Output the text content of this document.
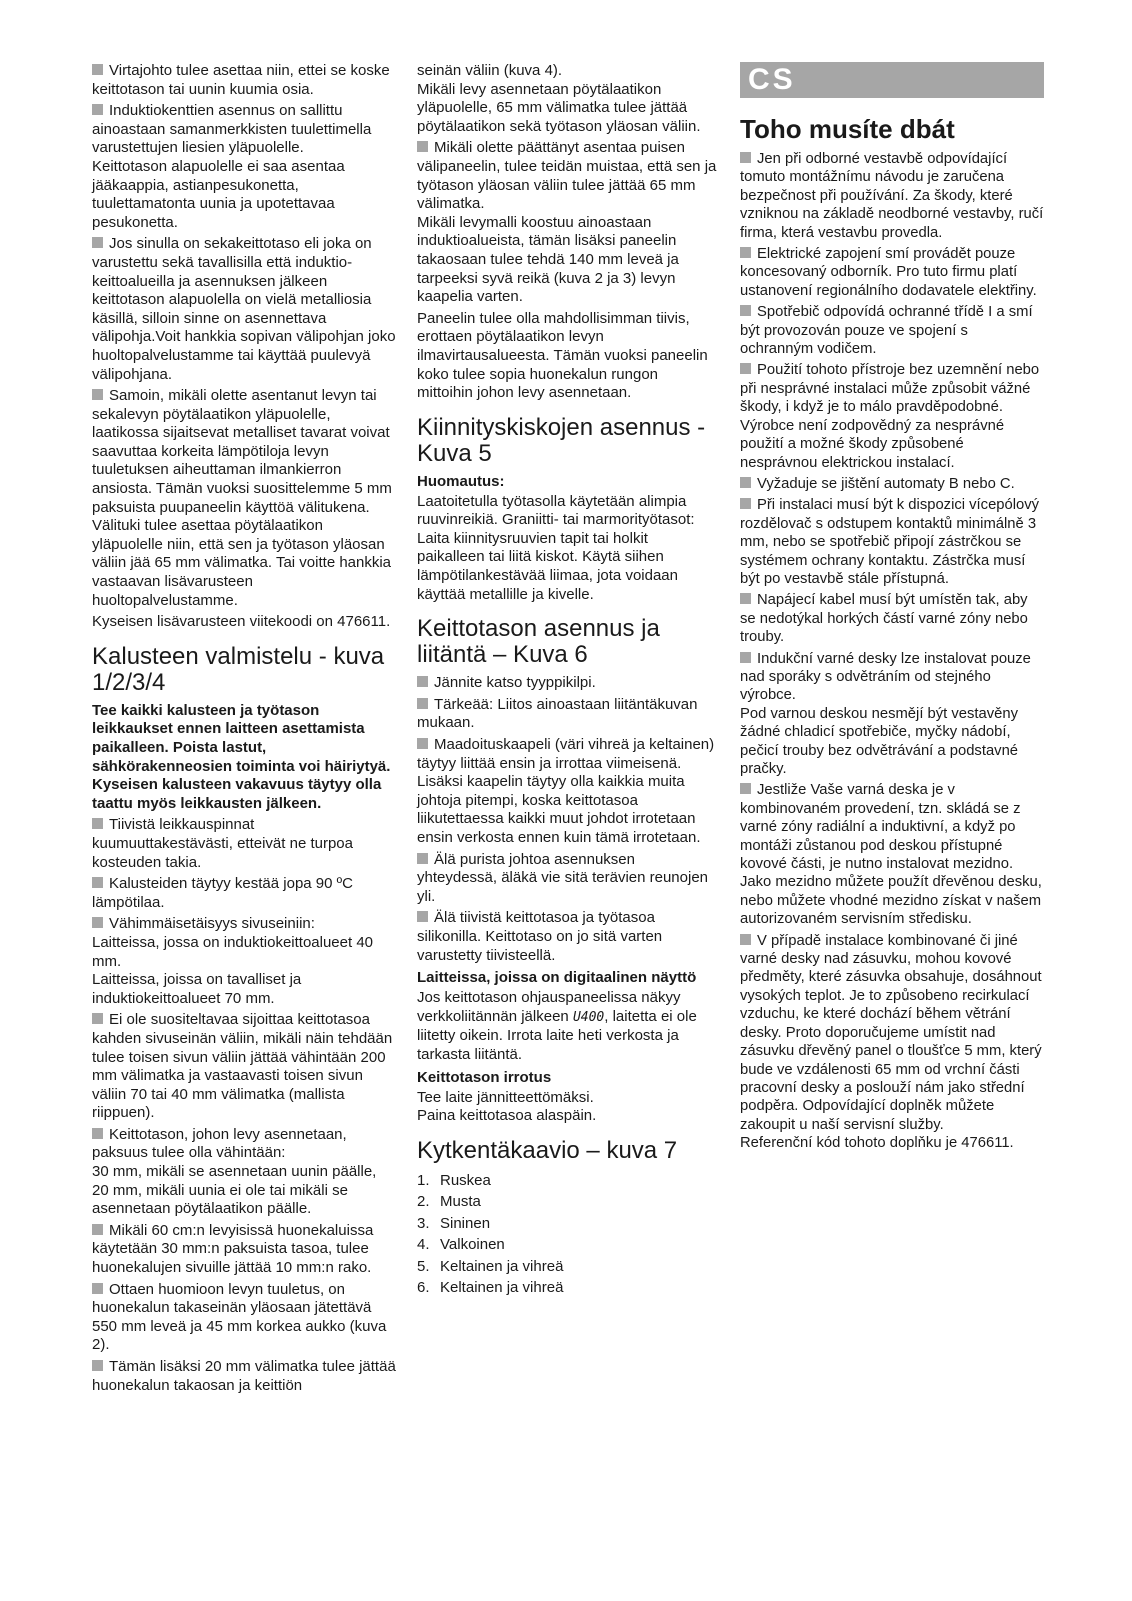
Virtajohto tulee asettaa niin, ettei se koske keittotason tai uunin kuumia osia.

Induktiokenttien asennus on sallittu ainoastaan samanmerkkisten tuulettimella varustettujen liesien yläpuolelle.

Keittotason alapuolelle ei saa asentaa jääkaappia, astianpesukonetta, tuulettamatonta uunia ja upotettavaa pesukonetta.

Jos sinulla on sekakeittotaso eli joka on varustettu sekä tavallisilla että induktio-keittoalueilla ja asennuksen jälkeen keittotason alapuolella on vielä metalliosia käsillä, silloin sinne on asennettava välipohja.Voit hankkia sopivan välipohjan joko huoltopalvelustamme tai käyttää puulevyä välipohjana.

Samoin, mikäli olette asentanut levyn tai sekalevyn pöytälaatikon yläpuolelle, laatikossa sijaitsevat metalliset tavarat voivat saavuttaa korkeita lämpötiloja levyn tuuletuksen aiheuttaman ilmankierron ansiosta. Tämän vuoksi suosittelemme 5 mm paksuista puupaneelin käyttöä välitukena. Välituki tulee asettaa pöytälaatikon yläpuolelle niin, että sen ja työtason yläosan väliin jää 65 mm välimatka. Tai voitte hankkia vastaavan lisävarusteen huoltopalvelustamme.

Kyseisen lisävarusteen viitekoodi on 476611.

Kalusteen valmistelu - kuva 1/2/3/4

Tee kaikki kalusteen ja työtason leikkaukset ennen laitteen asettamista paikalleen. Poista lastut, sähkörakenneosien toiminta voi häiriytyä. Kyseisen kalusteen vakavuus täytyy olla taattu myös leikkausten jälkeen.

Tiivistä leikkauspinnat kuumuuttakestävästi, etteivät ne turpoa kosteuden takia.

Kalusteiden täytyy kestää jopa 90 ºC lämpötilaa.

Vähimmäisetäisyys sivuseiniin:

Laitteissa, jossa on induktiokeittoalueet 40 mm.

Laitteissa, joissa on tavalliset ja induktiokeittoalueet 70 mm.

Ei ole suositeltavaa sijoittaa keittotasoa kahden sivuseinän väliin, mikäli näin tehdään tulee toisen sivun väliin jättää vähintään 200 mm välimatka ja vastaavasti toisen sivun väliin 70 tai 40 mm välimatka (mallista riippuen).

Keittotason, johon levy asennetaan, paksuus tulee olla vähintään:

30 mm, mikäli se asennetaan uunin päälle,

20 mm, mikäli uunia ei ole tai mikäli se asennetaan pöytälaatikon päälle.

Mikäli 60 cm:n levyisissä huonekaluissa käytetään 30 mm:n paksuista tasoa, tulee huonekalujen sivuille jättää 10 mm:n rako.

Ottaen huomioon levyn tuuletus, on huonekalun takaseinän yläosaan jätettävä 550 mm leveä ja 45 mm korkea aukko (kuva 2).

Tämän lisäksi 20 mm välimatka tulee jättää huonekalun takaosan ja keittiön

seinän väliin (kuva 4).

Mikäli levy asennetaan pöytälaatikon yläpuolelle, 65 mm välimatka tulee jättää pöytälaatikon sekä työtason yläosan väliin.

Mikäli olette päättänyt asentaa puisen välipaneelin, tulee teidän muistaa, että sen ja työtason yläosan väliin tulee jättää 65 mm välimatka.

Mikäli levymalli koostuu ainoastaan induktioalueista, tämän lisäksi paneelin takaosaan tulee tehdä 140 mm leveä ja tarpeeksi syvä reikä (kuva 2 ja 3) levyn kaapelia varten.

Paneelin tulee olla mahdollisimman tiivis, erottaen pöytälaatikon levyn ilmavirtausalueesta. Tämän vuoksi paneelin koko tulee sopia huonekalun rungon mittoihin johon levy asennetaan.

Kiinnityskiskojen asennus - Kuva 5
Huomautus:

Laatoitetulla työtasolla käytetään alimpia ruuvinreikiä. Graniitti- tai marmorityötasot: Laita kiinnitysruuvien tapit tai holkit paikalleen tai liitä kiskot. Käytä siihen lämpötilankestävää liimaa, jota voidaan käyttää metallille ja kivelle.

Keittotason asennus ja liitäntä – Kuva 6

Jännite katso tyyppikilpi.

Tärkeää: Liitos ainoastaan liitäntäkuvan mukaan.

Maadoituskaapeli (väri vihreä ja keltainen) täytyy liittää ensin ja irrottaa viimeisenä. Lisäksi kaapelin täytyy olla kaikkia muita johtoja pitempi, koska keittotasoa liikutettaessa kaikki muut johdot irrotetaan ensin verkosta ennen kuin tämä irrotetaan.

Älä purista johtoa asennuksen yhteydessä, äläkä vie sitä terävien reunojen yli.

Älä tiivistä keittotasoa ja työtasoa silikonilla. Keittotaso on jo sitä varten varustetty tiivisteellä.

Laitteissa, joissa on digitaalinen näyttö

Jos keittotason ohjauspaneelissa näkyy verkkoliitännän jälkeen U400, laitetta ei ole liitetty oikein. Irrota laite heti verkosta ja tarkasta liitäntä.

Keittotason irrotus

Tee laite jännitteettömäksi.

Paina keittotasoa alaspäin.

Kytkentäkaavio – kuva 7
1. Ruskea
2. Musta
3. Sininen
4. Valkoinen
5. Keltainen ja vihreä
6. Keltainen ja vihreä
CS
Toho musíte dbát

Jen při odborné vestavbě odpovídající tomuto montážnímu návodu je zaručena bezpečnost při používání. Za škody, které vzniknou na základě neodborné vestavby, ručí firma, která vestavbu provedla.

Elektrické zapojení smí provádět pouze koncesovaný odborník. Pro tuto firmu platí ustanovení regionálního dodavatele elektřiny.

Spotřebič odpovídá ochranné třídě I a smí být provozován pouze ve spojení s ochranným vodičem.

Použití tohoto přístroje bez uzemnění nebo při nesprávné instalaci může způsobit vážné škody, i když je to málo pravděpodobné.

Výrobce není zodpovědný za nesprávné použití a možné škody způsobené nesprávnou elektrickou instalací.

Vyžaduje se jištění automaty B nebo C.

Při instalaci musí být k dispozici vícepólový rozdělovač s odstupem kontaktů minimálně 3 mm, nebo se spotřebič připojí zástrčkou se systémem ochrany kontaktu. Zástrčka musí být po vestavbě stále přístupná.

Napájecí kabel musí být umístěn tak, aby se nedotýkal horkých částí varné zóny nebo trouby.

Indukční varné desky lze instalovat pouze nad sporáky s odvětráním od stejného výrobce.

Pod varnou deskou nesmějí být vestavěny žádné chladicí spotřebiče, myčky nádobí, pečicí trouby bez odvětrávání a podstavné pračky.

Jestliže Vaše varná deska je v kombinovaném provedení, tzn. skládá se z varné zóny radiální a induktivní, a když po montáži zůstanou pod deskou přístupné kovové části, je nutno instalovat mezidno. Jako mezidno můžete použít dřevěnou desku, nebo můžete vhodné mezidno získat v našem autorizovaném servisním středisku.

V případě instalace kombinované či jiné varné desky nad zásuvku, mohou kovové předměty, které zásuvka obsahuje, dosáhnout vysokých teplot. Je to způsobeno recirkulací vzduchu, ke které dochází během větrání desky. Proto doporučujeme umístit nad zásuvku dřevěný panel o tloušťce 5 mm, který bude ve vzdálenosti 65 mm od vrchní části pracovní desky a poslouží nám jako střední podpěra. Odpovídající doplněk můžete zakoupit u naší servisní služby.

Referenční kód tohoto doplňku je 476611.
